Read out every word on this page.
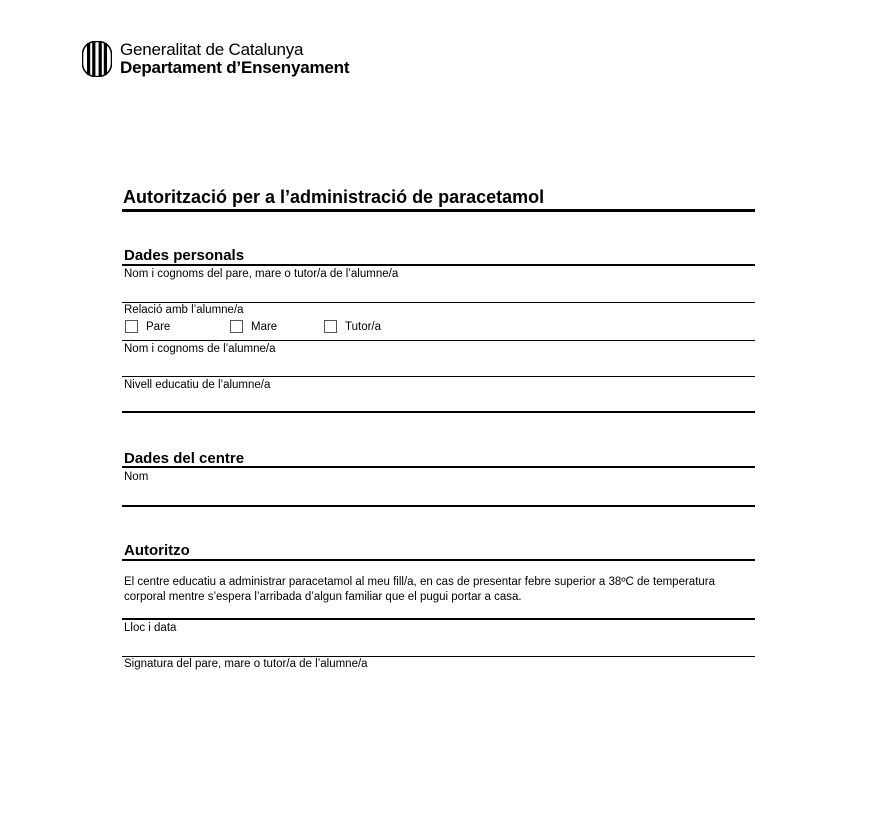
Generalitat de Catalunya
Departament d’Ensenyament
Autorització per a l’administració de paracetamol
Dades personals
Nom i cognoms del pare, mare o tutor/a de l’alumne/a
Relació amb l’alumne/a
Pare	Mare	Tutor/a
Nom i cognoms de l’alumne/a
Nivell educatiu de l’alumne/a
Dades del centre
Nom
Autoritzo
El centre educatiu a administrar paracetamol al meu fill/a, en cas de presentar febre superior a 38ºC de temperatura
corporal mentre s’espera l’arribada d’algun familiar que el pugui portar a casa.
Lloc i data
Signatura del pare, mare o tutor/a de l’alumne/a
